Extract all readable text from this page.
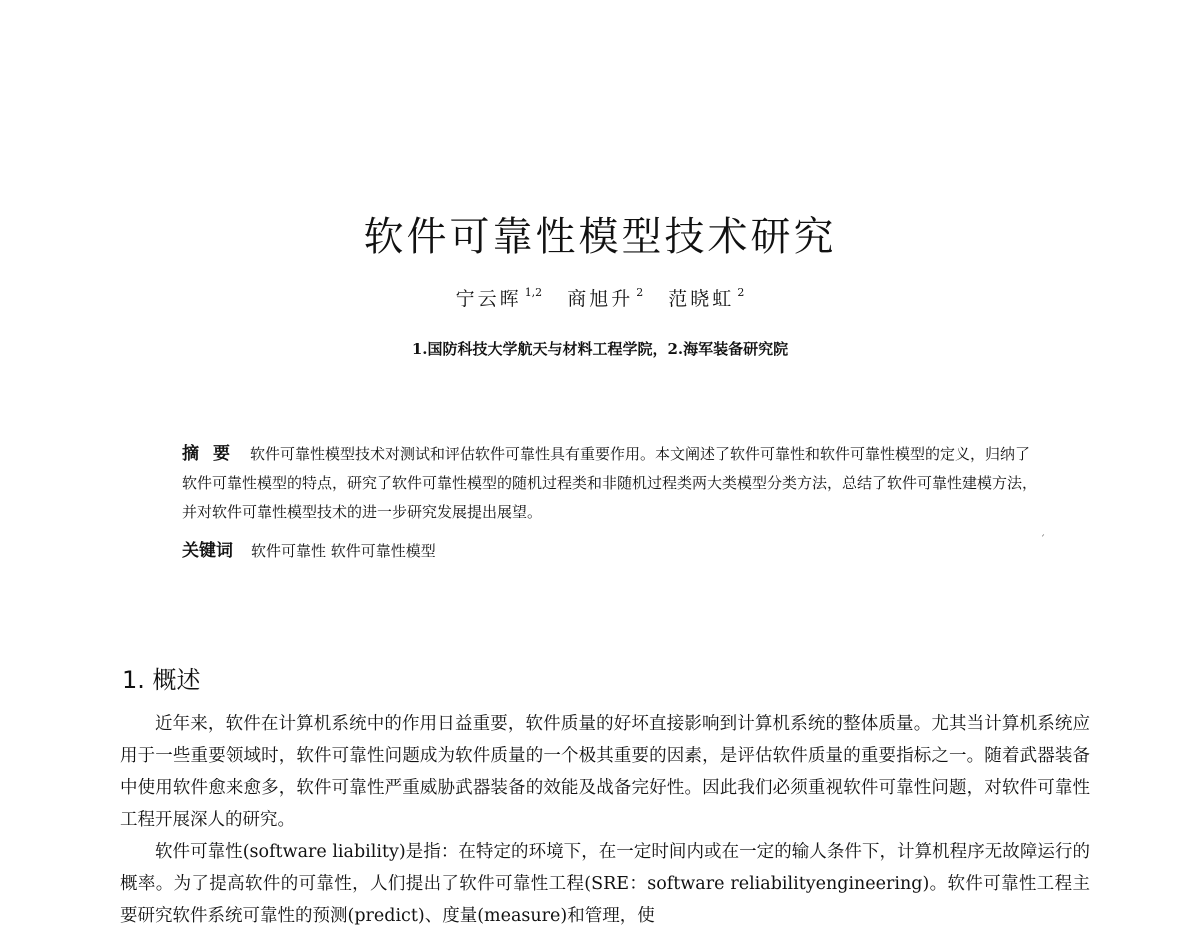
软件可靠性模型技术研究
宁云晖 $^{1,2}$ 商旭升 $^2$ 范晓虹 $^2$
1.国防科技大学航天与材料工程学院，2.海军装备研究院
摘要 软件可靠性模型技术对测试和评估软件可靠性具有重要作用。本文阐述了软件可靠性和软件可靠性模型的定义，归纳了软件可靠性模型的特点，研究了软件可靠性模型的随机过程类和非随机过程类两大类模型分类方法，总结了软件可靠性建模方法，并对软件可靠性模型技术的进一步研究发展提出展望。
关键词 软件可靠性 软件可靠性模型
ˊ
1. 概述

近年来，软件在计算机系统中的作用日益重要，软件质量的好坏直接影响到计算机系统的整体质量。尤其当计算机系统应用于一些重要领域时，软件可靠性问题成为软件质量的一个极其重要的因素，是评估软件质量的重要指标之一。随着武器装备中使用软件愈来愈多，软件可靠性严重威胁武器装备的效能及战备完好性。因此我们必须重视软件可靠性问题，对软件可靠性工程开展深人的研究。

软件可靠性(software liability)是指：在特定的环境下，在一定时间内或在一定的输人条件下，计算机程序无故障运行的概率。为了提高软件的可靠性，人们提出了软件可靠性工程(SRE：software reliabilityengineering)。软件可靠性工程主要研究软件系统可靠性的预测(predict)、度量(measure)和管理，使
